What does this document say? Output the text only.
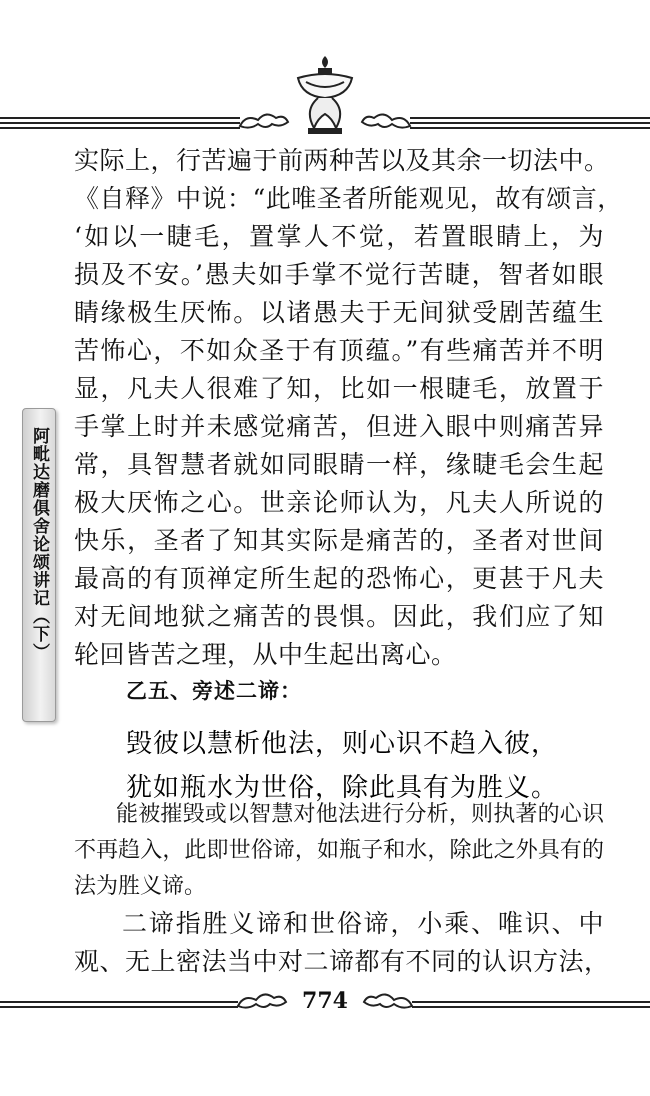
阿毗达磨俱舍论颂讲记（下）
实际上，行苦遍于前两种苦以及其余一切法中。
《自释》中说：“此唯圣者所能观见，故有颂言，
‘如以一睫毛，置掌人不觉，若置眼睛上，为
损及不安。’愚夫如手掌不觉行苦睫，智者如眼
睛缘极生厌怖。以诸愚夫于无间狱受剧苦蕴生
苦怖心，不如众圣于有顶蕴。”有些痛苦并不明
显，凡夫人很难了知，比如一根睫毛，放置于
手掌上时并未感觉痛苦，但进入眼中则痛苦异
常，具智慧者就如同眼睛一样，缘睫毛会生起
极大厌怖之心。世亲论师认为，凡夫人所说的
快乐，圣者了知其实际是痛苦的，圣者对世间
最高的有顶禅定所生起的恐怖心，更甚于凡夫
对无间地狱之痛苦的畏惧。因此，我们应了知
轮回皆苦之理，从中生起出离心。
乙五、旁述二谛：
毁彼以慧析他法，则心识不趋入彼，
犹如瓶水为世俗，除此具有为胜义。
能被摧毁或以智慧对他法进行分析，则执著的心识
不再趋入，此即世俗谛，如瓶子和水，除此之外具有的
法为胜义谛。
二谛指胜义谛和世俗谛，小乘、唯识、中
观、无上密法当中对二谛都有不同的认识方法，
774
